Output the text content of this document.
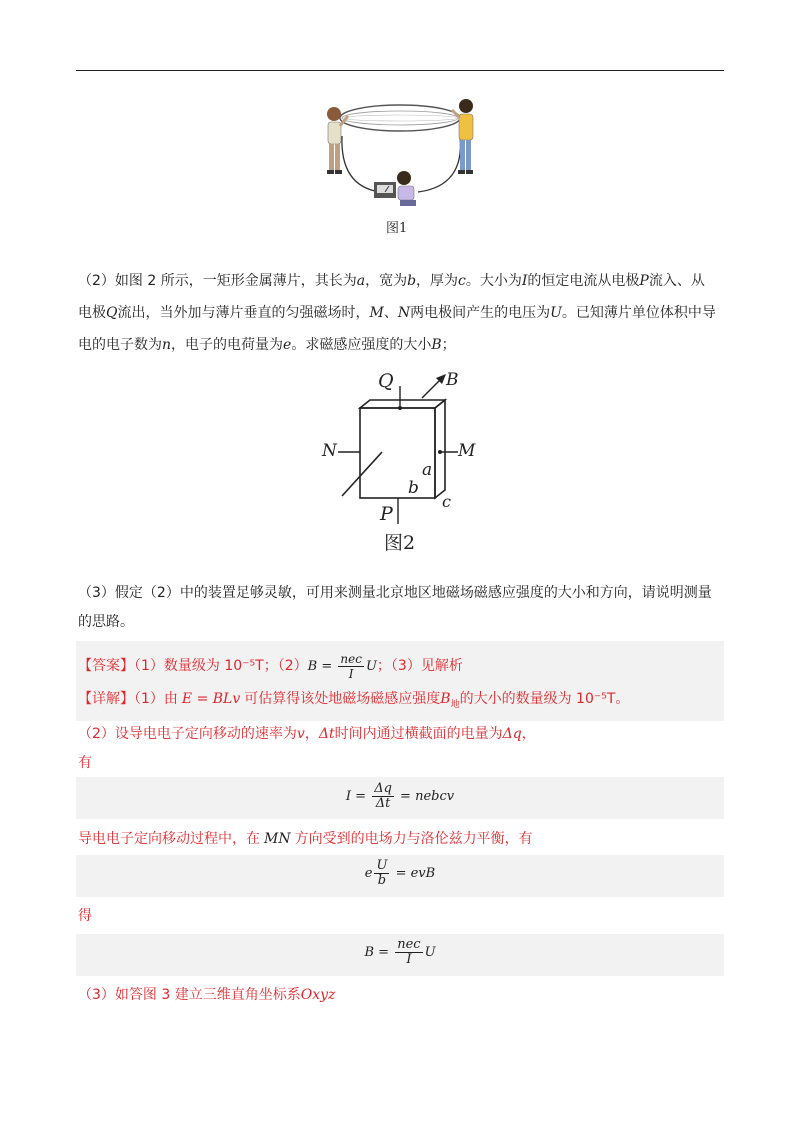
图1
（2）如图 2 所示，一矩形金属薄片，其长为a，宽为b，厚为c。大小为I的恒定电流从电极P流入、从
电极Q流出，当外加与薄片垂直的匀强磁场时，M、N两电极间产生的电压为U。已知薄片单位体积中导
电的电子数为n，电子的电荷量为e。求磁感应强度的大小B；
Q	B
N	M
a
b
c
P
图2
（3）假定（2）中的装置足够灵敏，可用来测量北京地区地磁场磁感应强度的大小和方向，请说明测量
的思路。
【答案】（1）数量级为 10⁻⁵T；$(2)B = \frac{\text{nec}}{I}$ U；（3）见解析
【详解】（1）由 E = BLv 可估算得该处地磁场磁感应强度$B_地$的大小的数量级为 10⁻⁵T。
（2）设导电电子定向移动的速率为v，Δt时间内通过横截面的电量为Δq，
有
$I = \frac{\Delta q}{\Delta t}$ = nebcv
导电电子定向移动过程中，在 MN 方向受到的电场力与洛伦兹力平衡，有
e $\frac{U}{b}$ = evB
得
$B = \frac{\text{nec}}{I}$ U
（3）如答图 3 建立三维直角坐标系Oxyz
